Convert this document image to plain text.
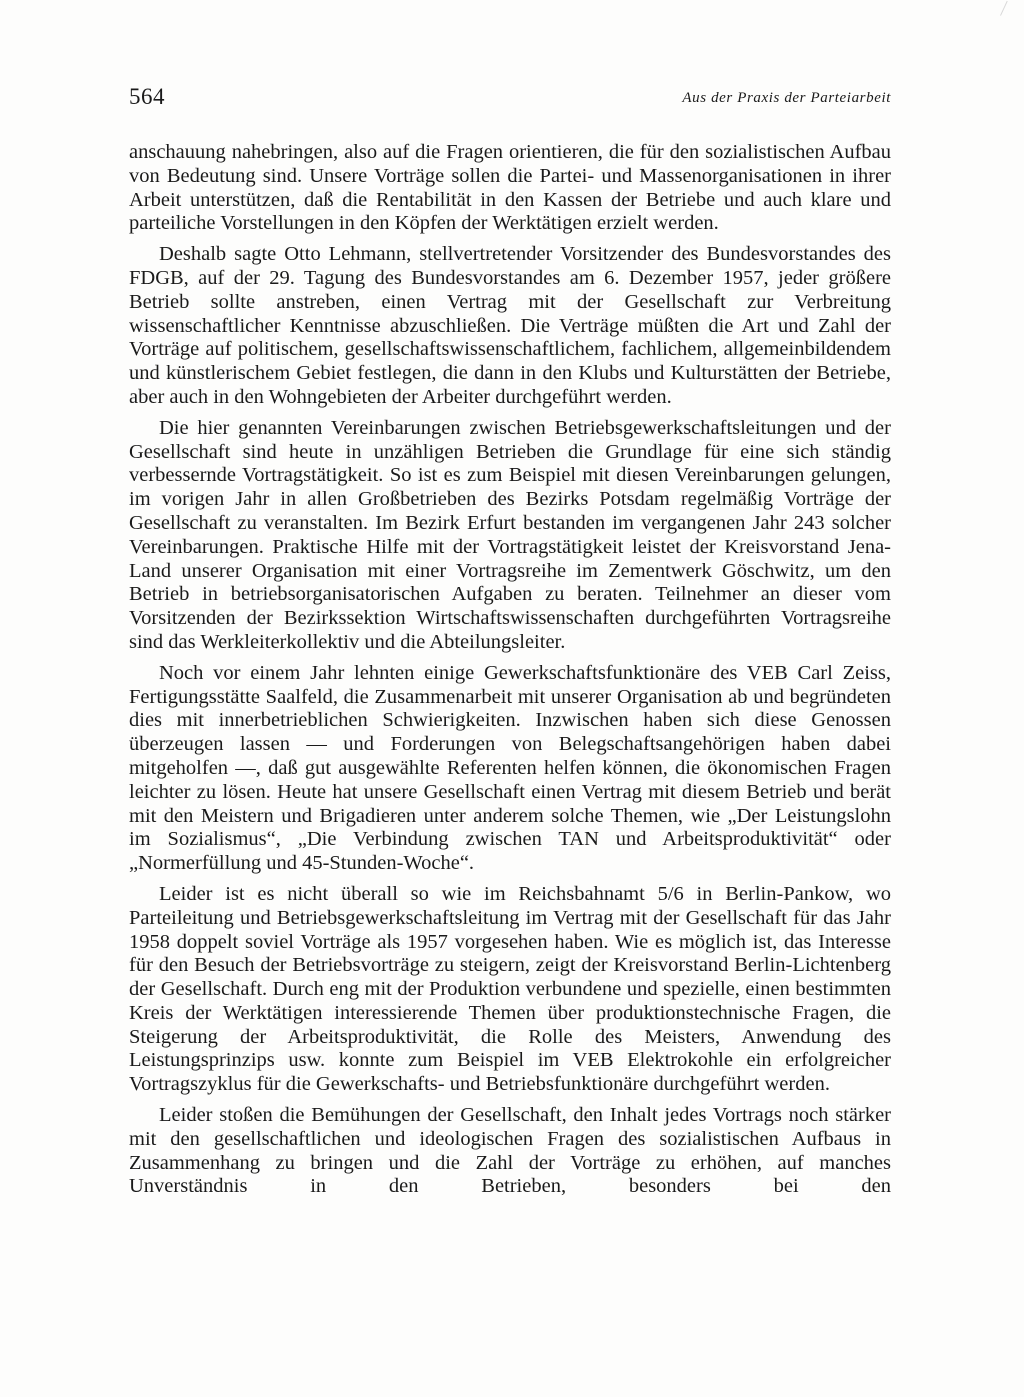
564	Aus der Praxis der Parteiarbeit

anschauung nahebringen, also auf die Fragen orientieren, die für den sozialistischen Aufbau von Bedeutung sind. Unsere Vorträge sollen die Partei- und Massenorganisationen in ihrer Arbeit unterstützen, daß die Rentabilität in den Kassen der Betriebe und auch klare und parteiliche Vorstellungen in den Köpfen der Werktätigen erzielt werden.

Deshalb sagte Otto Lehmann, stellvertretender Vorsitzender des Bundesvorstandes des FDGB, auf der 29. Tagung des Bundesvorstandes am 6. Dezember 1957, jeder größere Betrieb sollte anstreben, einen Vertrag mit der Gesellschaft zur Verbreitung wissenschaftlicher Kenntnisse abzuschließen. Die Verträge müßten die Art und Zahl der Vorträge auf politischem, gesellschaftswissenschaftlichem, fachlichem, allgemeinbildendem und künstlerischem Gebiet festlegen, die dann in den Klubs und Kulturstätten der Betriebe, aber auch in den Wohngebieten der Arbeiter durchgeführt werden.

Die hier genannten Vereinbarungen zwischen Betriebsgewerkschaftsleitungen und der Gesellschaft sind heute in unzähligen Betrieben die Grundlage für eine sich ständig verbessernde Vortragstätigkeit. So ist es zum Beispiel mit diesen Vereinbarungen gelungen, im vorigen Jahr in allen Großbetrieben des Bezirks Potsdam regelmäßig Vorträge der Gesellschaft zu veranstalten. Im Bezirk Erfurt bestanden im vergangenen Jahr 243 solcher Vereinbarungen. Praktische Hilfe mit der Vortragstätigkeit leistet der Kreisvorstand Jena-Land unserer Organisation mit einer Vortragsreihe im Zementwerk Göschwitz, um den Betrieb in betriebsorganisatorischen Aufgaben zu beraten. Teilnehmer an dieser vom Vorsitzenden der Bezirkssektion Wirtschaftswissenschaften durchgeführten Vortragsreihe sind das Werkleiterkollektiv und die Abteilungsleiter.

Noch vor einem Jahr lehnten einige Gewerkschaftsfunktionäre des VEB Carl Zeiss, Fertigungsstätte Saalfeld, die Zusammenarbeit mit unserer Organisation ab und begründeten dies mit innerbetrieblichen Schwierigkeiten. Inzwischen haben sich diese Genossen überzeugen lassen — und Forderungen von Belegschaftsangehörigen haben dabei mitgeholfen —, daß gut ausgewählte Referenten helfen können, die ökonomischen Fragen leichter zu lösen. Heute hat unsere Gesellschaft einen Vertrag mit diesem Betrieb und berät mit den Meistern und Brigadieren unter anderem solche Themen, wie „Der Leistungslohn im Sozialismus“, „Die Verbindung zwischen TAN und Arbeitsproduktivität“ oder „Normerfüllung und 45-Stunden-Woche“.

Leider ist es nicht überall so wie im Reichsbahnamt 5/6 in Berlin-Pankow, wo Parteileitung und Betriebsgewerkschaftsleitung im Vertrag mit der Gesellschaft für das Jahr 1958 doppelt soviel Vorträge als 1957 vorgesehen haben. Wie es möglich ist, das Interesse für den Besuch der Betriebsvorträge zu steigern, zeigt der Kreisvorstand Berlin-Lichtenberg der Gesellschaft. Durch eng mit der Produktion verbundene und spezielle, einen bestimmten Kreis der Werktätigen interessierende Themen über produktionstechnische Fragen, die Steigerung der Arbeitsproduktivität, die Rolle des Meisters, Anwendung des Leistungsprinzips usw. konnte zum Beispiel im VEB Elektrokohle ein erfolgreicher Vortragszyklus für die Gewerkschafts- und Betriebsfunktionäre durchgeführt werden.

Leider stoßen die Bemühungen der Gesellschaft, den Inhalt jedes Vortrags noch stärker mit den gesellschaftlichen und ideologischen Fragen des sozialistischen Aufbaus in Zusammenhang zu bringen und die Zahl der Vorträge zu erhöhen, auf manches Unverständnis in den Betrieben, besonders bei den
